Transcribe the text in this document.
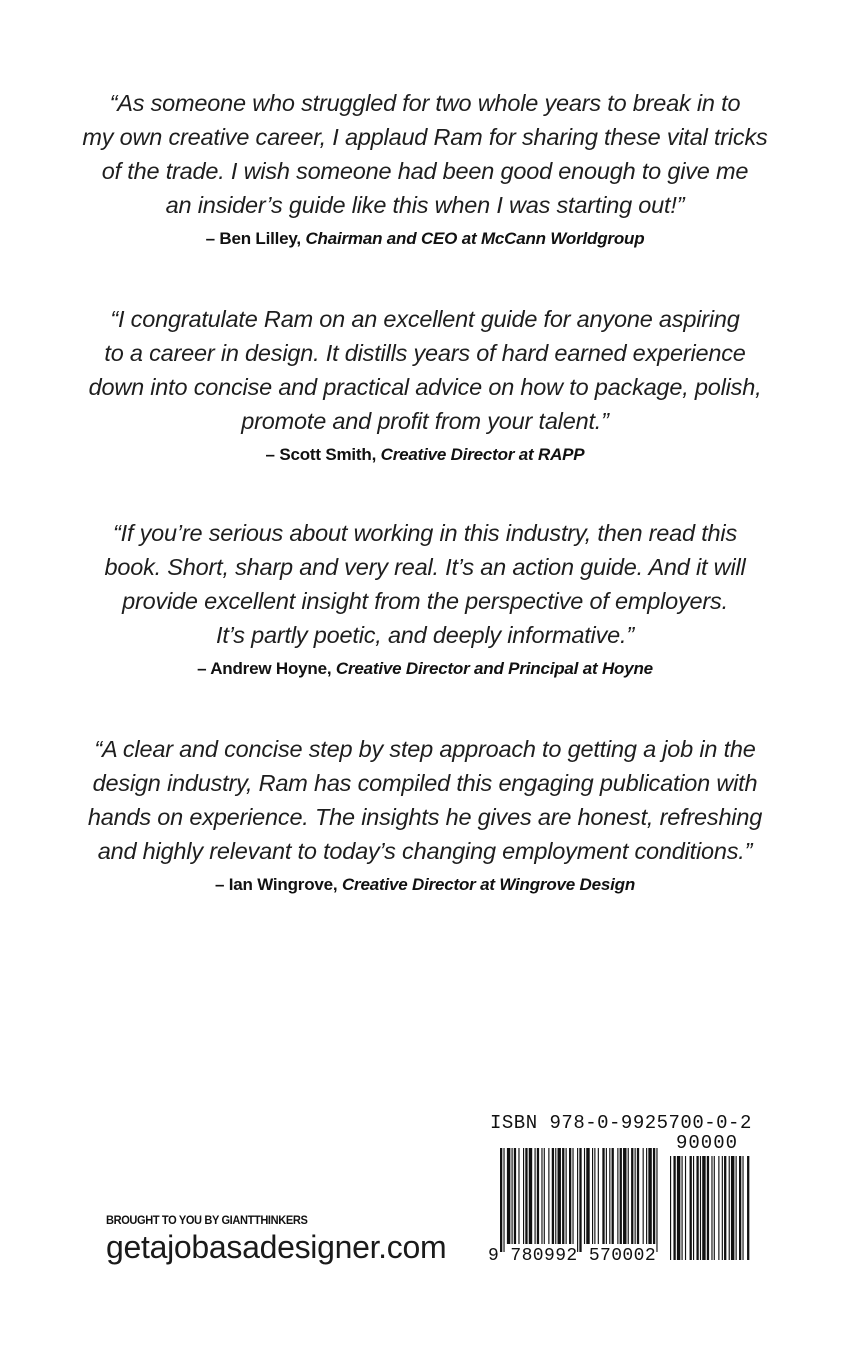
“As someone who struggled for two whole years to break in to
my own creative career, I applaud Ram for sharing these vital tricks
of the trade. I wish someone had been good enough to give me
an insider’s guide like this when I was starting out!”

– Ben Lilley, Chairman and CEO at McCann Worldgroup

“I congratulate Ram on an excellent guide for anyone aspiring
to a career in design. It distills years of hard earned experience
down into concise and practical advice on how to package, polish,
promote and profit from your talent.”

– Scott Smith, Creative Director at RAPP

“If you’re serious about working in this industry, then read this
book. Short, sharp and very real. It’s an action guide. And it will
provide excellent insight from the perspective of employers.
It’s partly poetic, and deeply informative.”

– Andrew Hoyne, Creative Director and Principal at Hoyne

“A clear and concise step by step approach to getting a job in the
design industry, Ram has compiled this engaging publication with
hands on experience. The insights he gives are honest, refreshing
and highly relevant to today’s changing employment conditions.”

– Ian Wingrove, Creative Director at Wingrove Design
BROUGHT TO YOU BY GIANTTHINKERS
getajobasadesigner.com
ISBN 978-0-9925700-0-2
90000
9 780992 570002
